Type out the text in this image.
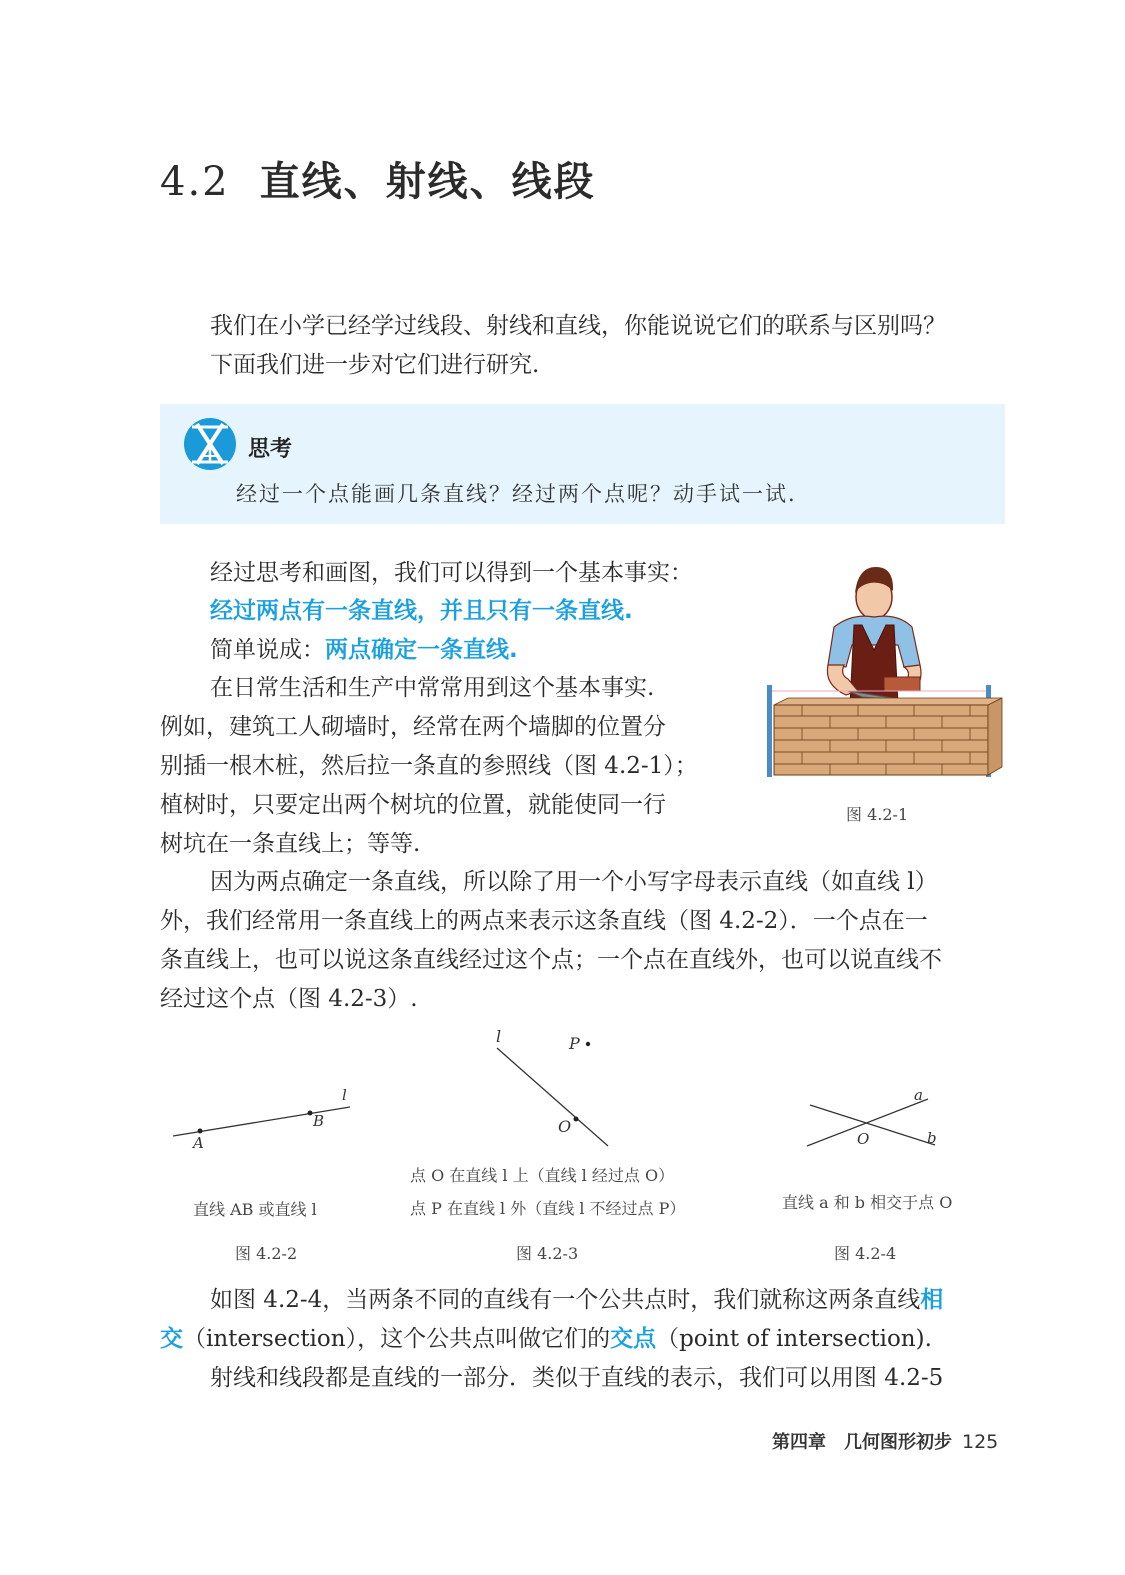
4.2 直线、射线、线段
我们在小学已经学过线段、射线和直线，你能说说它们的联系与区别吗？
下面我们进一步对它们进行研究.
思考
经过一个点能画几条直线？经过两个点呢？动手试一试.
经过思考和画图，我们可以得到一个基本事实：
经过两点有一条直线，并且只有一条直线.
简单说成：两点确定一条直线.
在日常生活和生产中常常用到这个基本事实.
例如，建筑工人砌墙时，经常在两个墙脚的位置分
别插一根木桩，然后拉一条直的参照线（图 4.2-1）；
植树时，只要定出两个树坑的位置，就能使同一行
树坑在一条直线上；等等.
图 4.2-1
因为两点确定一条直线，所以除了用一个小写字母表示直线（如直线 l）
外，我们经常用一条直线上的两点来表示这条直线（图 4.2-2）．一个点在一
条直线上，也可以说这条直线经过这个点；一个点在直线外，也可以说直线不
经过这个点（图 4.2-3）.
A
B
l
直线 AB 或直线 l
图 4.2-2
l	P
O
点 O 在直线 l 上（直线 l 经过点 O）
点 P 在直线 l 外（直线 l 不经过点 P）
图 4.2-3
a
b
O
直线 a 和 b 相交于点 O
图 4.2-4
如图 4.2-4，当两条不同的直线有一个公共点时，我们就称这两条直线相
交（intersection），这个公共点叫做它们的交点（point of intersection).
射线和线段都是直线的一部分．类似于直线的表示，我们可以用图 4.2-5
第四章 几何图形初步 125
